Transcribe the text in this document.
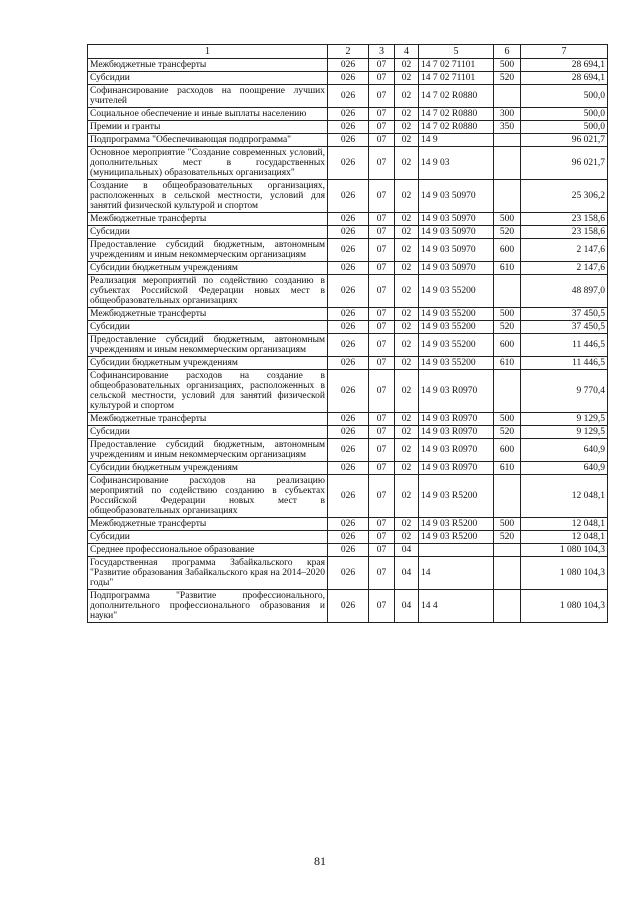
1	2	3	4	5	6	7
Межбюджетные трансферты	026	07	02	14 7 02 71101	500	28 694,1
Субсидии	026	07	02	14 7 02 71101	520	28 694,1
Софинансирование расходов на поощрение лучших учителей	026	07	02	14 7 02 R0880		500,0
Социальное обеспечение и иные выплаты населению	026	07	02	14 7 02 R0880	300	500,0
Премии и гранты	026	07	02	14 7 02 R0880	350	500,0
Подпрограмма "Обеспечивающая подпрограмма"	026	07	02	14 9		96 021,7
Основное мероприятие "Создание современных условий, дополнительных мест в государственных (муниципальных) образовательных организациях"	026	07	02	14 9 03		96 021,7
Создание в общеобразовательных организациях, расположенных в сельской местности, условий для занятий физической культурой и спортом	026	07	02	14 9 03 50970		25 306,2
Межбюджетные трансферты	026	07	02	14 9 03 50970	500	23 158,6
Субсидии	026	07	02	14 9 03 50970	520	23 158,6
Предоставление субсидий бюджетным, автономным учреждениям и иным некоммерческим организациям	026	07	02	14 9 03 50970	600	2 147,6
Субсидии бюджетным учреждениям	026	07	02	14 9 03 50970	610	2 147,6
Реализация мероприятий по содействию созданию в субъектах Российской Федерации новых мест в общеобразовательных организациях	026	07	02	14 9 03 55200		48 897,0
Межбюджетные трансферты	026	07	02	14 9 03 55200	500	37 450,5
Субсидии	026	07	02	14 9 03 55200	520	37 450,5
Предоставление субсидий бюджетным, автономным учреждениям и иным некоммерческим организациям	026	07	02	14 9 03 55200	600	11 446,5
Субсидии бюджетным учреждениям	026	07	02	14 9 03 55200	610	11 446,5
Софинансирование расходов на создание в общеобразовательных организациях, расположенных в сельской местности, условий для занятий физической культурой и спортом	026	07	02	14 9 03 R0970		9 770,4
Межбюджетные трансферты	026	07	02	14 9 03 R0970	500	9 129,5
Субсидии	026	07	02	14 9 03 R0970	520	9 129,5
Предоставление субсидий бюджетным, автономным учреждениям и иным некоммерческим организациям	026	07	02	14 9 03 R0970	600	640,9
Субсидии бюджетным учреждениям	026	07	02	14 9 03 R0970	610	640,9
Софинансирование расходов на реализацию мероприятий по содействию созданию в субъектах Российской Федерации новых мест в общеобразовательных организациях	026	07	02	14 9 03 R5200		12 048,1
Межбюджетные трансферты	026	07	02	14 9 03 R5200	500	12 048,1
Субсидии	026	07	02	14 9 03 R5200	520	12 048,1
Среднее профессиональное образование	026	07	04			1 080 104,3
Государственная программа Забайкальского края "Развитие образования Забайкальского края на 2014–2020 годы"	026	07	04	14		1 080 104,3
Подпрограмма "Развитие профессионального, дополнительного профессионального образования и науки"	026	07	04	14 4		1 080 104,3
81
